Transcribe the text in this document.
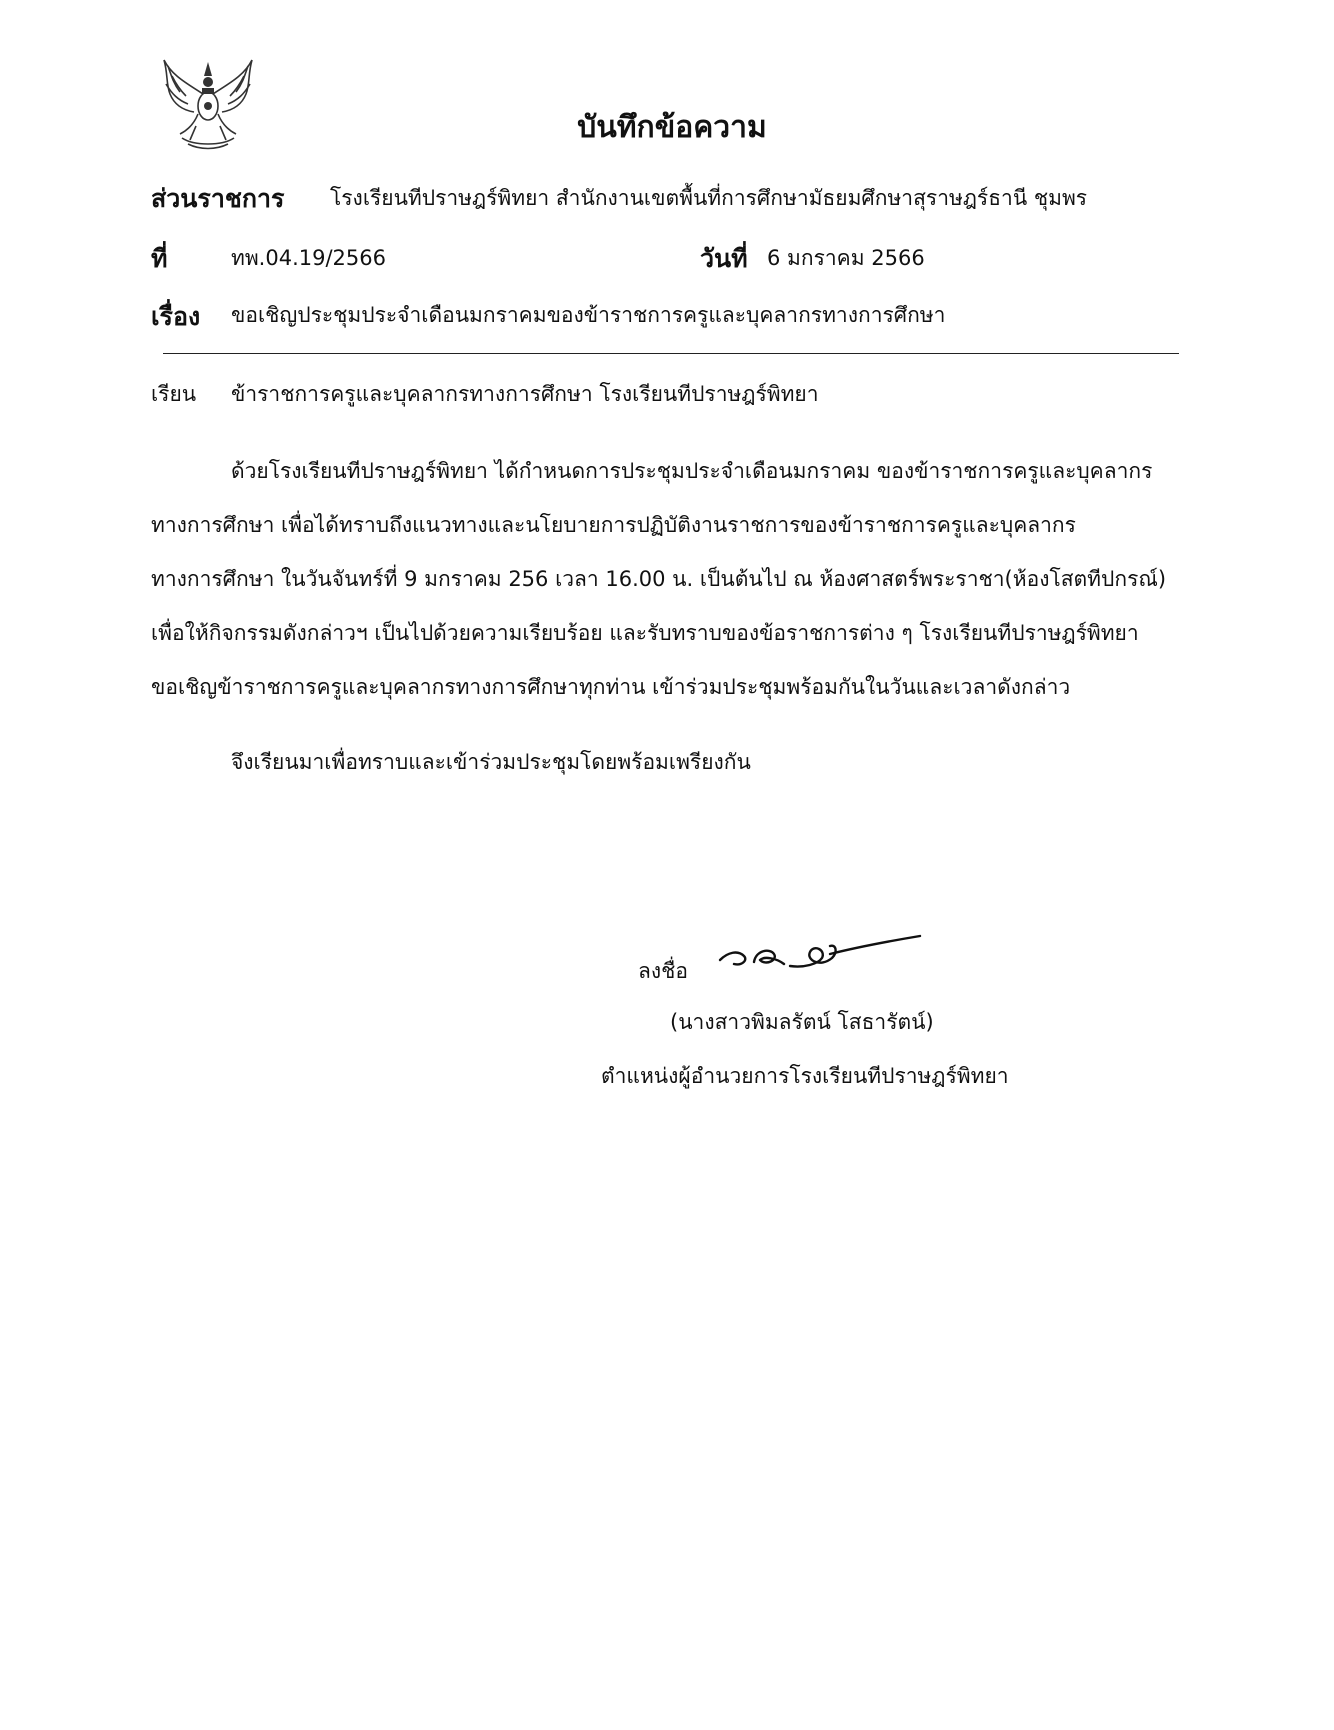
บันทึกข้อความ
ส่วนราชการ โรงเรียนทีปราษฎร์พิทยา สำนักงานเขตพื้นที่การศึกษามัธยมศึกษาสุราษฎร์ธานี ชุมพร
ที่	ทพ.04.19/2566	วันที่ 6 มกราคม 2566
เรื่อง ขอเชิญประชุมประจำเดือนมกราคมของข้าราชการครูและบุคลากรทางการศึกษา
เรียน ข้าราชการครูและบุคลากรทางการศึกษา โรงเรียนทีปราษฎร์พิทยา
ด้วยโรงเรียนทีปราษฎร์พิทยา ได้กำหนดการประชุมประจำเดือนมกราคม ของข้าราชการครูและบุคลากร
ทางการศึกษา เพื่อได้ทราบถึงแนวทางและนโยบายการปฏิบัติงานราชการของข้าราชการครูและบุคลากร
ทางการศึกษา ในวันจันทร์ที่ 9 มกราคม 256 เวลา 16.00 น. เป็นต้นไป ณ ห้องศาสตร์พระราชา(ห้องโสตทีปกรณ์)
เพื่อให้กิจกรรมดังกล่าวฯ เป็นไปด้วยความเรียบร้อย และรับทราบของข้อราชการต่าง ๆ โรงเรียนทีปราษฎร์พิทยา
ขอเชิญข้าราชการครูและบุคลากรทางการศึกษาทุกท่าน เข้าร่วมประชุมพร้อมกันในวันและเวลาดังกล่าว
จึงเรียนมาเพื่อทราบและเข้าร่วมประชุมโดยพร้อมเพรียงกัน
ลงชื่อ
(นางสาวพิมลรัตน์ โสธารัตน์)
ตำแหน่งผู้อำนวยการโรงเรียนทีปราษฎร์พิทยา
